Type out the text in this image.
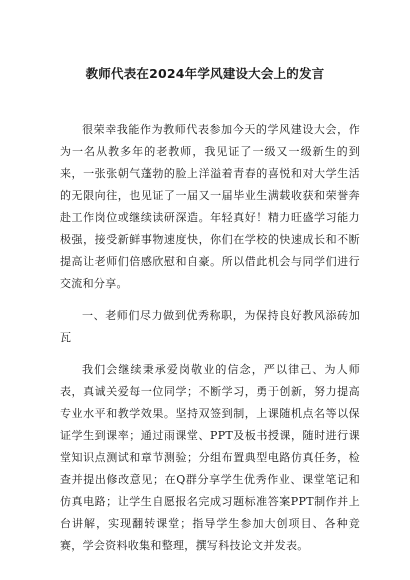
教师代表在2024年学风建设大会上的发言

很荣幸我能作为教师代表参加今天的学风建设大会，作为一名从教多年的老教师，我见证了一级又一级新生的到来，一张张朝气蓬勃的脸上洋溢着青春的喜悦和对大学生活的无限向往，也见证了一届又一届毕业生满载收获和荣誉奔赴工作岗位或继续读研深造。年轻真好！精力旺盛学习能力极强，接受新鲜事物速度快，你们在学校的快速成长和不断提高让老师们倍感欣慰和自豪。所以借此机会与同学们进行交流和分享。

一、老师们尽力做到优秀称职，为保持良好教风添砖加瓦

我们会继续秉承爱岗敬业的信念，严以律己、为人师表，真诚关爱每一位同学；不断学习，勇于创新，努力提高专业水平和教学效果。坚持双签到制，上课随机点名等以保证学生到课率；通过雨课堂、PPT及板书授课，随时进行课堂知识点测试和章节测验；分组布置典型电路仿真任务，检查并提出修改意见；在Q群分享学生优秀作业、课堂笔记和仿真电路；让学生自愿报名完成习题标准答案PPT制作并上台讲解，实现翻转课堂；指导学生参加大创项目、各种竞赛，学会资料收集和整理，撰写科技论文并发表。
